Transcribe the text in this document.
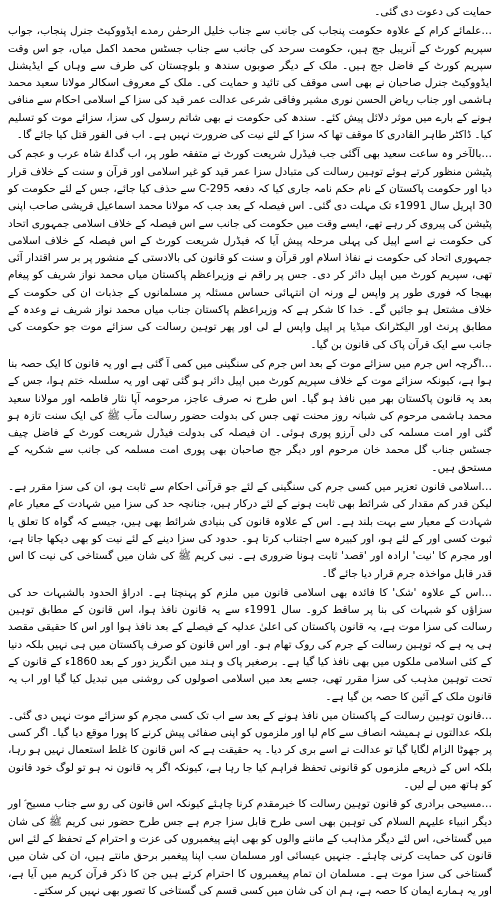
حمایت کی دعوت دی گئی۔

…علمائے کرام کے علاوہ حکومت پنجاب کی جانب سے جناب خلیل الرحمٰن رمدے ایڈووکیٹ جنرل پنجاب، جواب سپریم کورٹ کے آنریبل جج ہیں، حکومت سرحد کی جانب سے جناب جسٹس محمد اکمل میاں، جو اس وقت سپریم کورٹ کے فاضل جج ہیں۔ ملک کے دیگر صوبوں سندھ و بلوچستان کی طرف سے وہاں کے ایڈیشنل ایڈووکیٹ جنرل صاحبان نے بھی اسی موقف کی تائید و حمایت کی۔ ملک کے معروف اسکالر مولانا سعید محمد ہاشمی اور جناب ریاض الحسن نوری مشیر وفاقی شرعی عدالت عمر قید کی سزا کے اسلامی احکام سے منافی ہونے کے بارے میں موثر دلائل پیش کئے۔ سندھ کی حکومت نے بھی شاتم رسول کی سزا، سزائے موت کو تسلیم کیا۔ ڈاکٹر طاہر القادری کا موقف تھا کہ سزا کے لئے نیت کی ضرورت نہیں ہے۔ اب فی الفور قتل کیا جائے گا۔

…بالآخر وہ ساعت سعید بھی آگئی جب فیڈرل شریعت کورٹ نے متفقہ طور پر، اب گداۓ شاہ عرب و عجم کی پٹیشن منظور کرتے ہوئے توہین رسالت کی متبادل سزا عمر قید کو غیر اسلامی اور قرآن و سنت کے خلاف قرار دیا اور حکومت پاکستان کے نام حکم نامہ جاری کیا کہ دفعہ 295-C سے حذف کیا جائے، جس کے لئے حکومت کو 30 اپریل سال 1991ء تک مہلت دی گئی۔ اس فیصلہ کے بعد جب کہ مولانا محمد اسماعیل قریشی صاحب اپنی پٹیشن کی پیروی کر رہے تھے، ایسے وقت میں حکومت کی جانب سے اس فیصلہ کے خلاف اسلامی جمہوری اتحاد کی حکومت نے اسے اپیل کی پہلی مرحلہ پیش آیا کہ فیڈرل شریعت کورٹ کے اس فیصلہ کے خلاف اسلامی جمہوری اتحاد کی حکومت نے نفاذ اسلام اور قرآن و سنت کو قانون کی بالادستی کے منشور پر بر سر اقتدار آئی تھی، سپریم کورٹ میں اپیل دائر کر دی۔ جس پر راقم نے وزیراعظم پاکستان میاں محمد نواز شریف کو پیغام بھیجا کہ فوری طور پر واپس لے ورنہ ان انتہائی حساس مسئلہ پر مسلمانوں کے جذبات ان کی حکومت کے خلاف مشتعل ہو جائیں گے۔ خدا کا شکر ہے کہ وزیراعظم پاکستان جناب میاں محمد نواز شریف نے وعدہ کے مطابق پرنٹ اور الیکٹرانک میڈیا پر اپیل واپس لے لی اور پھر توہین رسالت کی سزائے موت جو حکومت کی جانب سے ایک قرآن پاک کی قانون بن گیا۔

…اگرچہ اس جرم میں سزائے موت کے بعد اس جرم کی سنگینی میں کمی آ گئی ہے اور یہ قانون کا ایک حصہ بنا ہوا ہے، کیونکہ سزائے موت کے خلاف سپریم کورٹ میں اپیل دائر ہو گئی تھی اور یہ سلسلہ ختم ہوا، جس کے بعد یہ قانون پاکستان بھر میں نافذ ہو گیا۔ اس طرح نہ صرف عاجز، مرحومہ آپا نثار فاطمہ اور مولانا سعید محمد ہاشمی مرحوم کی شبانہ روز محنت تھی جس کی بدولت حضور رسالت مآب ﷺ کی ایک سنت تازہ ہو گئی اور امت مسلمہ کی دلی آرزو پوری ہوئی۔ ان فیصلہ کی بدولت فیڈرل شریعت کورٹ کے فاضل چیف جسٹس جناب گل محمد خان مرحوم اور دیگر جج صاحبان بھی پوری امت مسلمہ کی جانب سے شکریہ کے مستحق ہیں۔

…اسلامی قانون تعزیر میں کسی جرم کی سنگینی کے لئے جو قرآنی احکام سے ثابت ہو، ان کی سزا مقرر ہے۔ لیکن قدر کم مقدار کی شرائط بھی ثابت ہونے کے لئے درکار ہیں، جنانچہ حد کی سزا میں شہادت کے معیار عام شہادت کے معیار سے بہت بلند ہے۔ اس کے علاوہ قانون کی بنیادی شرائط بھی ہیں، جیسے کہ گواہ کا تعلق یا ثبوت کسی اور کے لئے ہو، اور کبیرہ سے اجتناب کرتا ہو۔ حدود کی سزا دینے کے لئے نیت کو بھی دیکھا جاتا ہے، اور مجرم کا 'نیت' ارادہ اور 'قصد' ثابت ہونا ضروری ہے۔ نبی کریم ﷺ کی شان میں گستاخی کی نیت کا اس قدر قابل مواخذہ جرم قرار دیا جائے گا۔

…اس کے علاوہ 'شک' کا فائدہ بھی اسلامی قانون میں ملزم کو پہنچتا ہے۔ ادراؤ الحدود بالشبہات حد کی سزاؤں کو شبہات کی بنا پر ساقط کرو۔ سال 1991ء سے یہ قانون نافذ ہوا، اس قانون کے مطابق توہین رسالت کی سزا موت ہے، یہ قانون پاکستان کی اعلیٰ عدلیہ کے فیصلے کے بعد نافذ ہوا اور اس کا حقیقی مقصد ہی یہ ہے کہ توہین رسالت کے جرم کی روک تھام ہو۔ اور اس قانون کو صرف پاکستان میں ہی نہیں بلکہ دنیا کے کئی اسلامی ملکوں میں بھی نافذ کیا گیا ہے۔ برصغیر پاک و ہند میں انگریز دور کے بعد 1860ء کے قانون کے تحت توہین مذہب کی سزا مقرر تھی، جسے بعد میں اسلامی اصولوں کی روشنی میں تبدیل کیا گیا اور اب یہ قانون ملک کے آئین کا حصہ بن گیا ہے۔

…قانون توہین رسالت کے پاکستان میں نافذ ہونے کے بعد سے اب تک کسی مجرم کو سزائے موت نہیں دی گئی۔ بلکہ عدالتوں نے ہمیشہ انصاف سے کام لیا اور ملزموں کو اپنی صفائی پیش کرنے کا پورا موقع دیا گیا۔ اگر کسی پر جھوٹا الزام لگایا گیا تو عدالت نے اسے بری کر دیا۔ یہ حقیقت ہے کہ اس قانون کا غلط استعمال نہیں ہو رہا، بلکہ اس کے ذریعے ملزموں کو قانونی تحفظ فراہم کیا جا رہا ہے، کیونکہ اگر یہ قانون نہ ہو تو لوگ خود قانون کو ہاتھ میں لے لیں۔

…مسیحی برادری کو قانون توہین رسالت کا خیرمقدم کرنا چاہئے کیونکہ اس قانون کی رو سے جناب مسیح ؑ اور دیگر انبیاء علیہم السلام کی توہین بھی اسی طرح قابل سزا جرم ہے جس طرح حضور نبی کریم ﷺ کی شان میں گستاخی، اس لئے دیگر مذاہب کے ماننے والوں کو بھی اپنے پیغمبروں کی عزت و احترام کے تحفظ کے لئے اس قانون کی حمایت کرنی چاہئے۔ جنہیں عیسائی اور مسلمان سب اپنا پیغمبر برحق مانتے ہیں، ان کی شان میں گستاخی کی سزا موت ہے۔ مسلمان ان تمام پیغمبروں کا احترام کرتے ہیں جن کا ذکر قرآن کریم میں آیا ہے، اور یہ ہمارے ایمان کا حصہ ہے، ہم ان کی شان میں کسی قسم کی گستاخی کا تصور بھی نہیں کر سکتے۔
